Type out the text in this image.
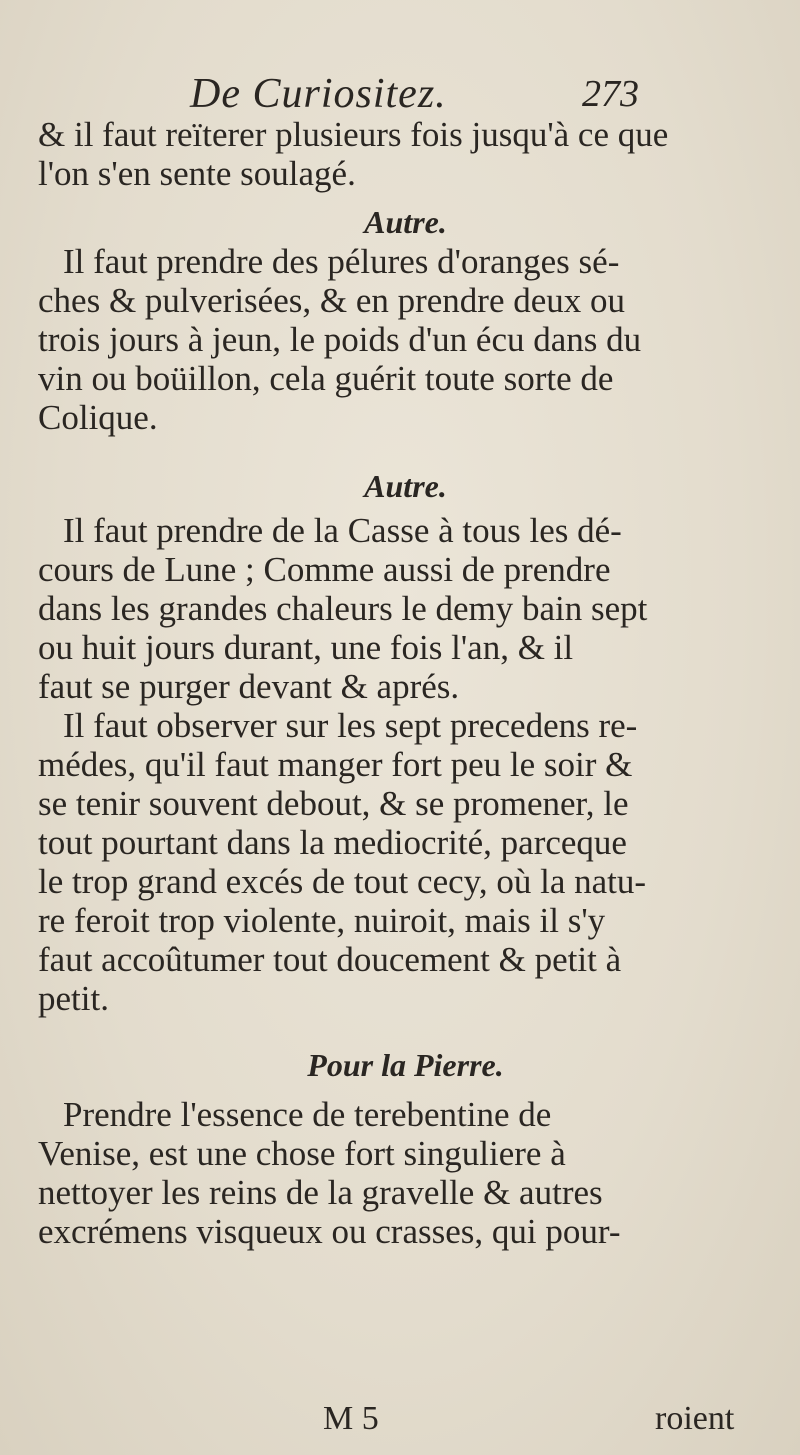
De Curiositez.	273
& il faut reïterer plusieurs fois jusqu'à ce que
l'on s'en sente soulagé.
Autre.
Il faut prendre des pélures d'oranges sé-
ches & pulverisées, & en prendre deux ou
trois jours à jeun, le poids d'un écu dans du
vin ou boüillon, cela guérit toute sorte de
Colique.
Autre.
Il faut prendre de la Casse à tous les dé-
cours de Lune ; Comme aussi de prendre
dans les grandes chaleurs le demy bain sept
ou huit jours durant, une fois l'an, & il
faut se purger devant & aprés.
Il faut observer sur les sept precedens re-
médes, qu'il faut manger fort peu le soir &
se tenir souvent debout, & se promener, le
tout pourtant dans la mediocrité, parceque
le trop grand excés de tout cecy, où la natu-
re feroit trop violente, nuiroit, mais il s'y
faut accoûtumer tout doucement & petit à
petit.
Pour la Pierre.
Prendre l'essence de terebentine de
Venise, est une chose fort singuliere à
nettoyer les reins de la gravelle & autres
excrémens visqueux ou crasses, qui pour-
M 5	roient
